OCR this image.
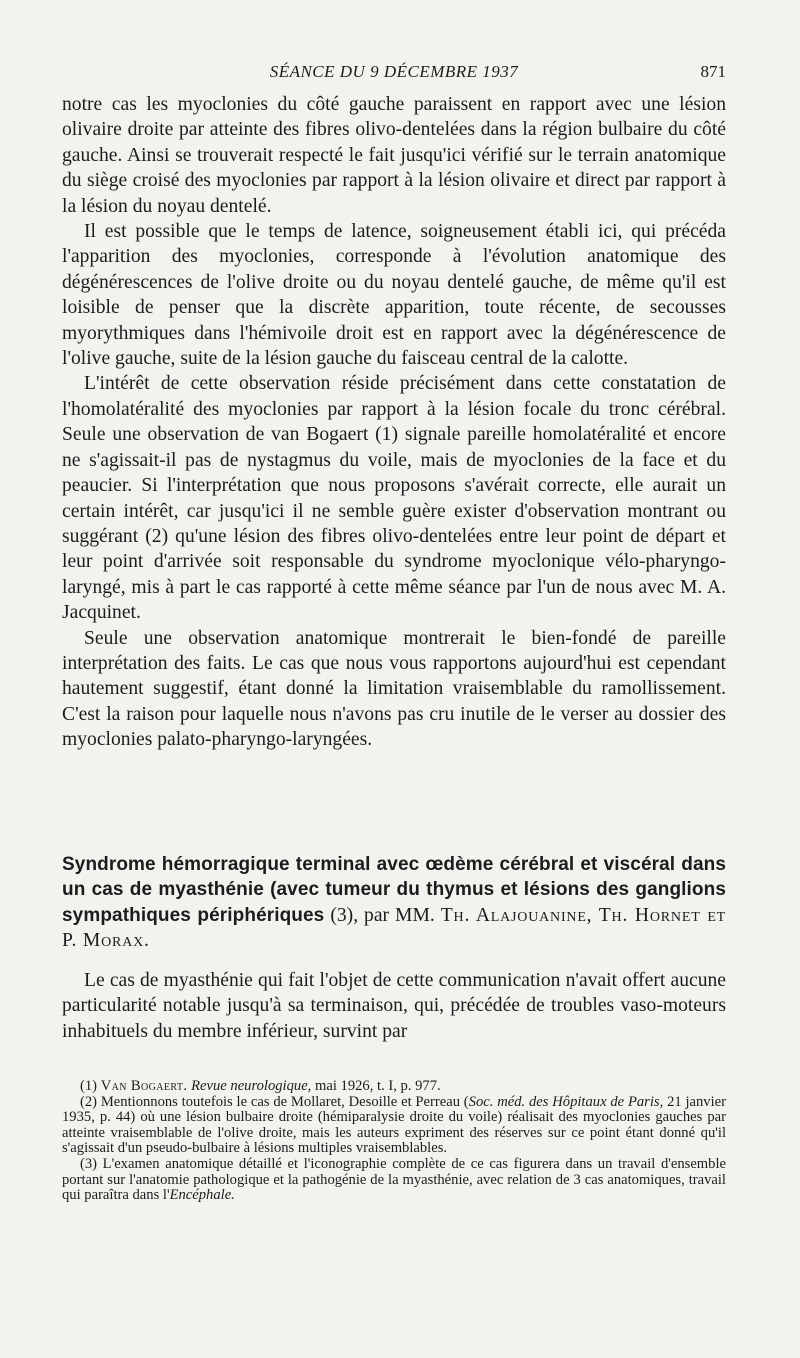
SÉANCE DU 9 DÉCEMBRE 1937	871

notre cas les myoclonies du côté gauche paraissent en rapport avec une lésion olivaire droite par atteinte des fibres olivo-dentelées dans la région bulbaire du côté gauche. Ainsi se trouverait respecté le fait jusqu'ici vérifié sur le terrain anatomique du siège croisé des myoclonies par rapport à la lésion olivaire et direct par rapport à la lésion du noyau dentelé.

Il est possible que le temps de latence, soigneusement établi ici, qui précéda l'apparition des myoclonies, corresponde à l'évolution anatomique des dégénérescences de l'olive droite ou du noyau dentelé gauche, de même qu'il est loisible de penser que la discrète apparition, toute récente, de secousses myorythmiques dans l'hémivoile droit est en rapport avec la dégénérescence de l'olive gauche, suite de la lésion gauche du faisceau central de la calotte.

L'intérêt de cette observation réside précisément dans cette constatation de l'homolatéralité des myoclonies par rapport à la lésion focale du tronc cérébral. Seule une observation de van Bogaert (1) signale pareille homolatéralité et encore ne s'agissait-il pas de nystagmus du voile, mais de myoclonies de la face et du peaucier. Si l'interprétation que nous proposons s'avérait correcte, elle aurait un certain intérêt, car jusqu'ici il ne semble guère exister d'observation montrant ou suggérant (2) qu'une lésion des fibres olivo-dentelées entre leur point de départ et leur point d'arrivée soit responsable du syndrome myoclonique vélo-pharyngo-laryngé, mis à part le cas rapporté à cette même séance par l'un de nous avec M. A. Jacquinet.

Seule une observation anatomique montrerait le bien-fondé de pareille interprétation des faits. Le cas que nous vous rapportons aujourd'hui est cependant hautement suggestif, étant donné la limitation vraisemblable du ramollissement. C'est la raison pour laquelle nous n'avons pas cru inutile de le verser au dossier des myoclonies palato-pharyngo-laryngées.

Syndrome hémorragique terminal avec œdème cérébral et viscéral dans un cas de myasthénie (avec tumeur du thymus et lésions des ganglions sympathiques périphériques (3), par MM. Th. Alajouanine, Th. Hornet et P. Morax.

Le cas de myasthénie qui fait l'objet de cette communication n'avait offert aucune particularité notable jusqu'à sa terminaison, qui, précédée de troubles vaso-moteurs inhabituels du membre inférieur, survint par

(1) Van Bogaert. Revue neurologique, mai 1926, t. I, p. 977.

(2) Mentionnons toutefois le cas de Mollaret, Desoille et Perreau (Soc. méd. des Hôpitaux de Paris, 21 janvier 1935, p. 44) où une lésion bulbaire droite (hémiparalysie droite du voile) réalisait des myoclonies gauches par atteinte vraisemblable de l'olive droite, mais les auteurs expriment des réserves sur ce point étant donné qu'il s'agissait d'un pseudo-bulbaire à lésions multiples vraisemblables.

(3) L'examen anatomique détaillé et l'iconographie complète de ce cas figurera dans un travail d'ensemble portant sur l'anatomie pathologique et la pathogénie de la myasthénie, avec relation de 3 cas anatomiques, travail qui paraîtra dans l'Encéphale.
